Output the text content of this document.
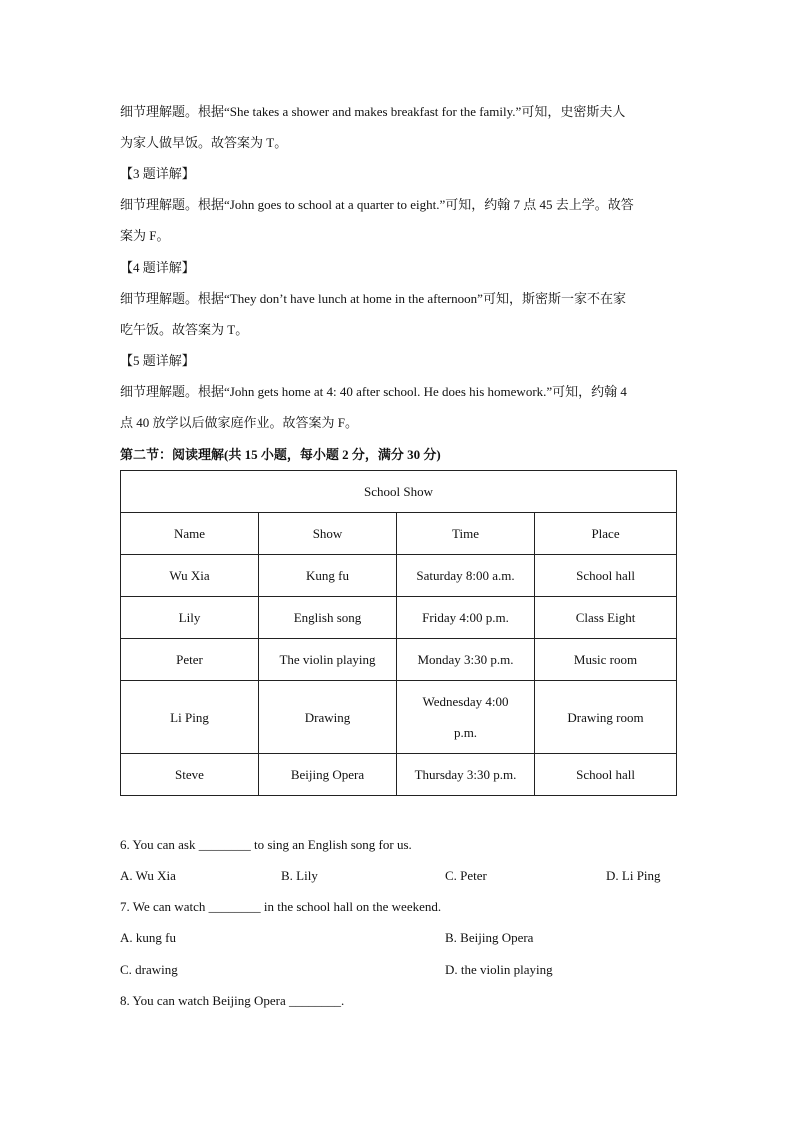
细节理解题。根据“She takes a shower and makes breakfast for the family.”可知，史密斯夫人
为家人做早饭。故答案为 T。
【3 题详解】
细节理解题。根据“John goes to school at a quarter to eight.”可知，约翰 7 点 45 去上学。故答
案为 F。
【4 题详解】
细节理解题。根据“They don’t have lunch at home in the afternoon”可知，斯密斯一家不在家
吃午饭。故答案为 T。
【5 题详解】
细节理解题。根据“John gets home at 4: 40 after school. He does his homework.”可知，约翰 4
点 40 放学以后做家庭作业。故答案为 F。
第二节：阅读理解(共 15 小题，每小题 2 分，满分 30 分)
School Show			
Name	Show	Time	Place
Wu Xia	Kung fu	Saturday 8:00 a.m.	School hall
Lily	English song	Friday 4:00 p.m.	Class Eight
Peter	The violin playing	Monday 3:30 p.m.	Music room
Li Ping	Drawing	Wednesday 4:00 p.m.	Drawing room
Steve	Beijing Opera	Thursday 3:30 p.m.	School hall
6. You can ask ________ to sing an English song for us.
A. Wu Xia	B. Lily	C. Peter	D. Li Ping
7. We can watch ________ in the school hall on the weekend.
A. kung fu	B. Beijing Opera
C. drawing	D. the violin playing
8. You can watch Beijing Opera ________.
